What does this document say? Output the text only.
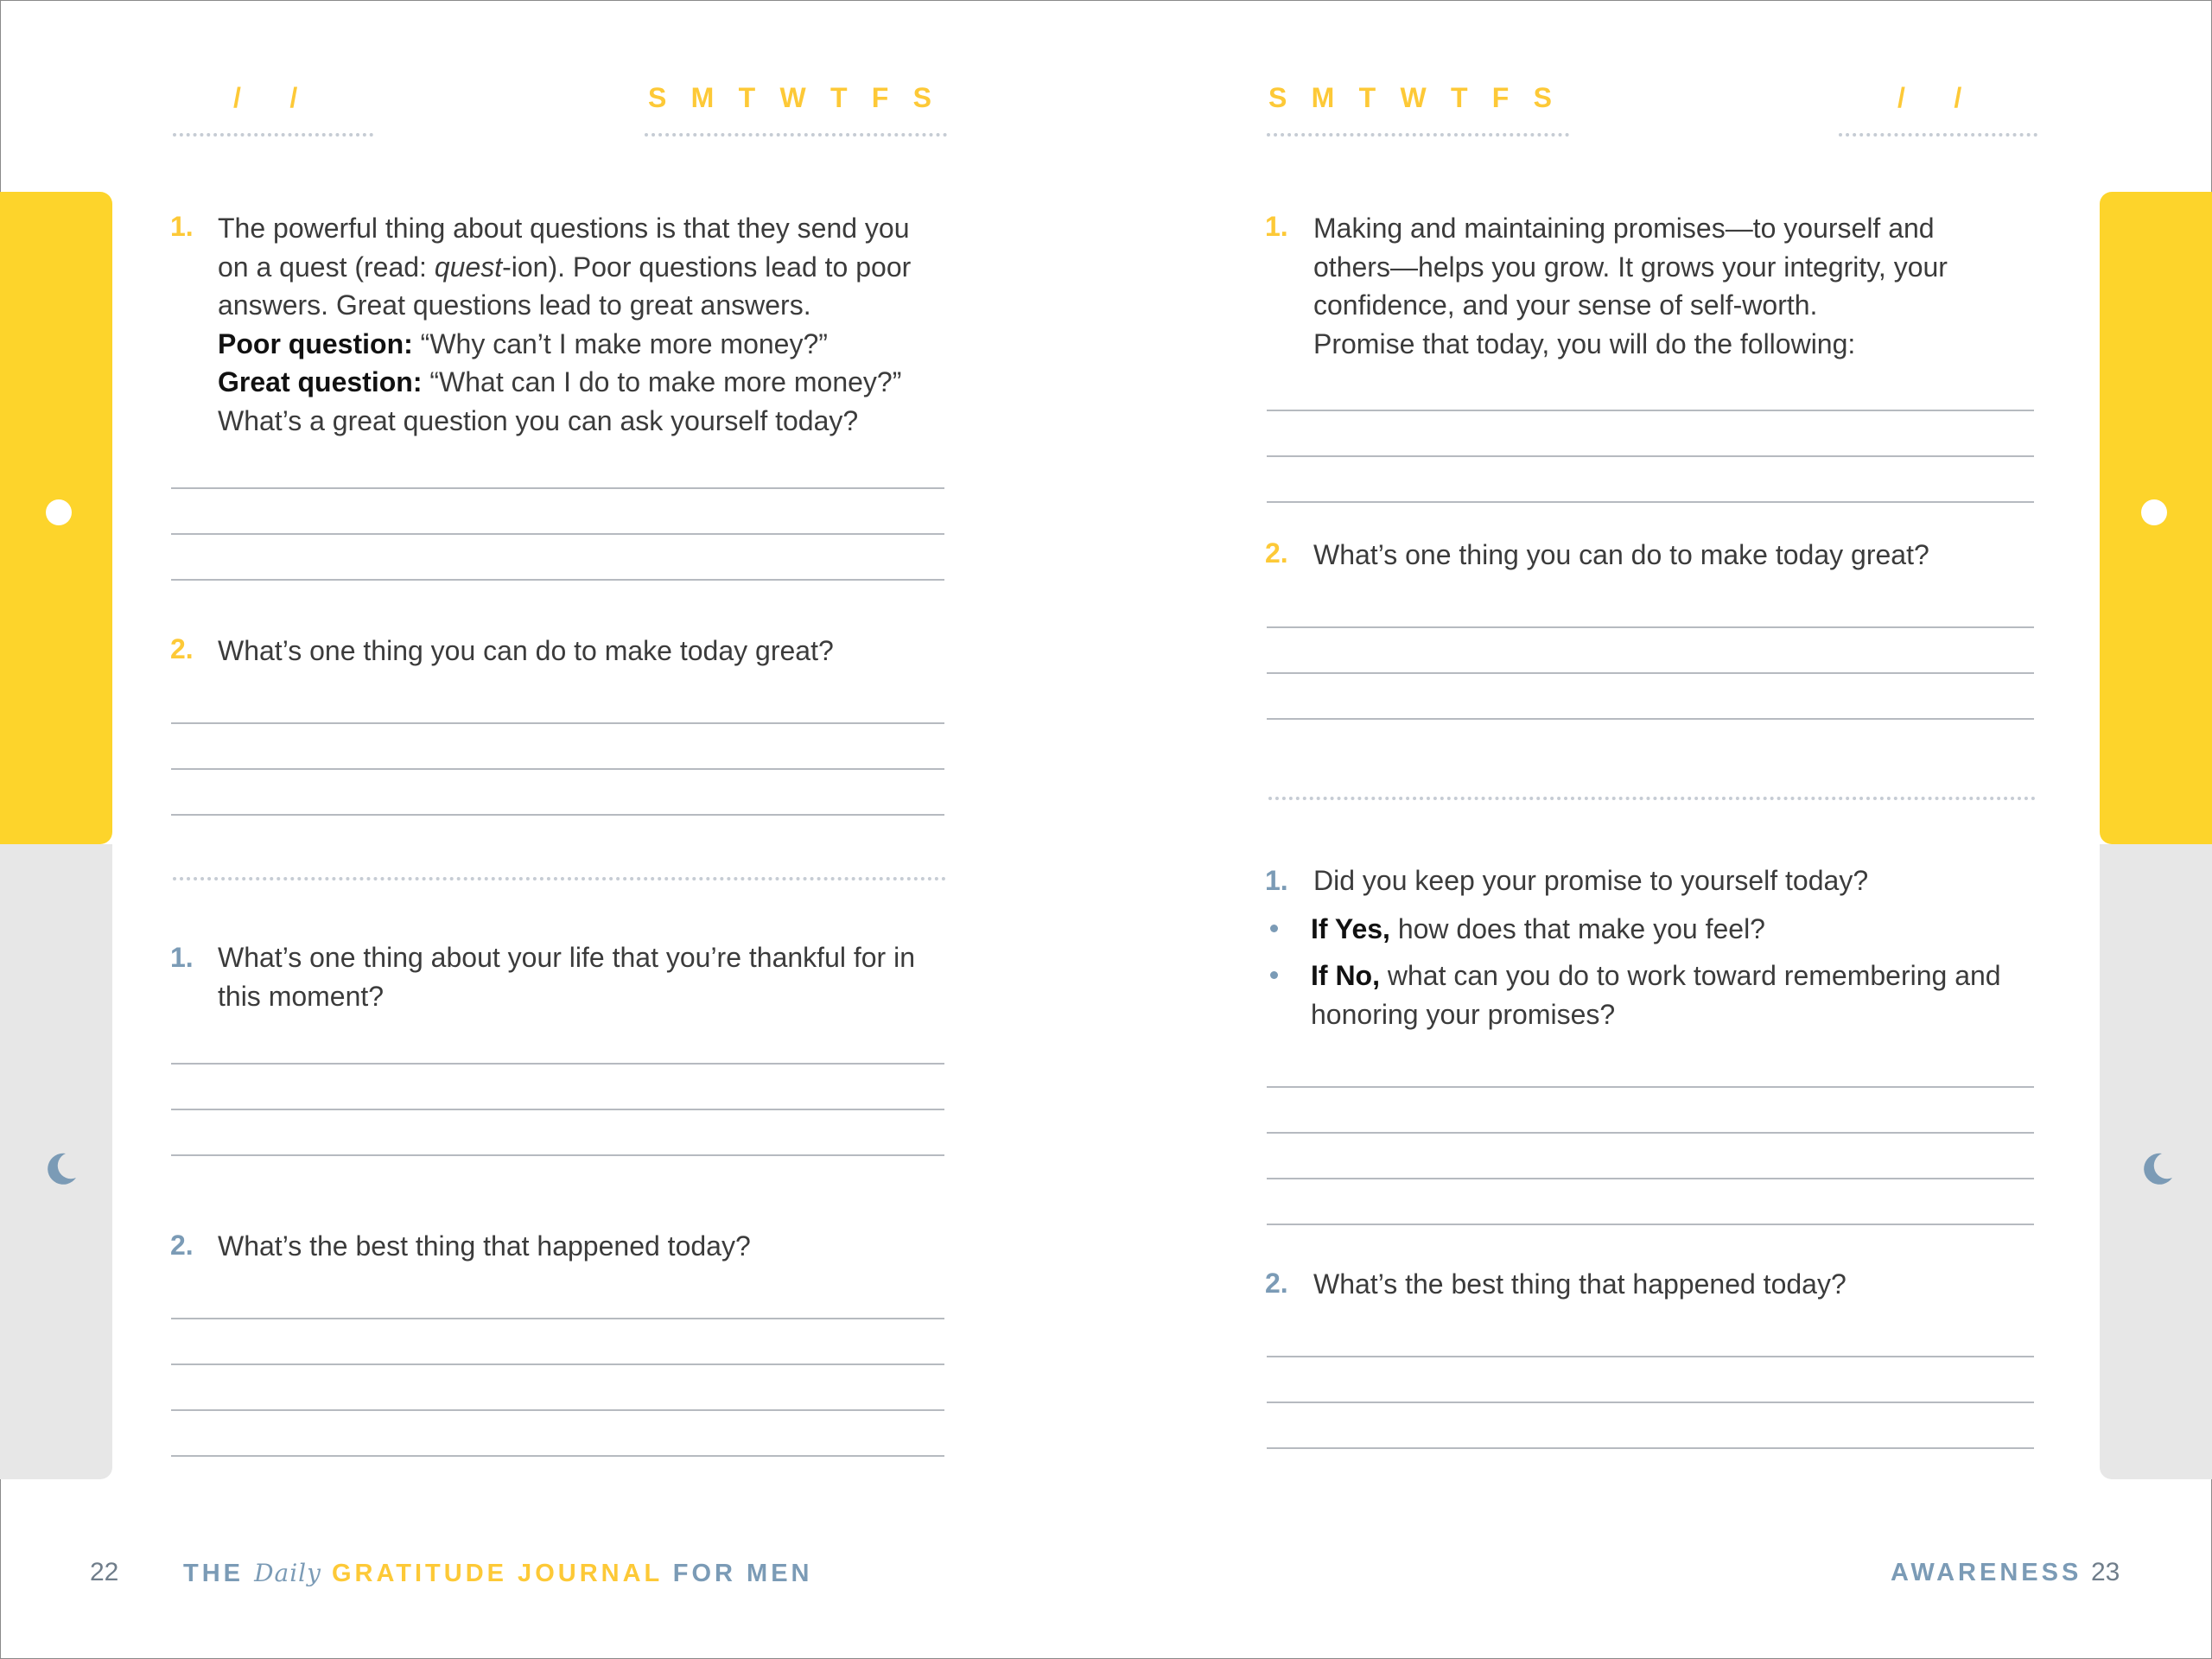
/     /	S M T W T F S
1. The powerful thing about questions is that they send you on a quest (read: quest-ion). Poor questions lead to poor answers. Great questions lead to great answers.
Poor question: “Why can’t I make more money?”
Great question: “What can I do to make more money?”
What’s a great question you can ask yourself today?
2. What’s one thing you can do to make today great?
1. What’s one thing about your life that you’re thankful for in this moment?
2. What’s the best thing that happened today?
22	THE Daily GRATITUDE JOURNAL FOR MEN
S M T W T F S	/     /
1. Making and maintaining promises—to yourself and others—helps you grow. It grows your integrity, your confidence, and your sense of self-worth.
Promise that today, you will do the following:
2. What’s one thing you can do to make today great?
1. Did you keep your promise to yourself today?
If Yes, how does that make you feel?
If No, what can you do to work toward remembering and honoring your promises?
2. What’s the best thing that happened today?
AWARENESS 23
